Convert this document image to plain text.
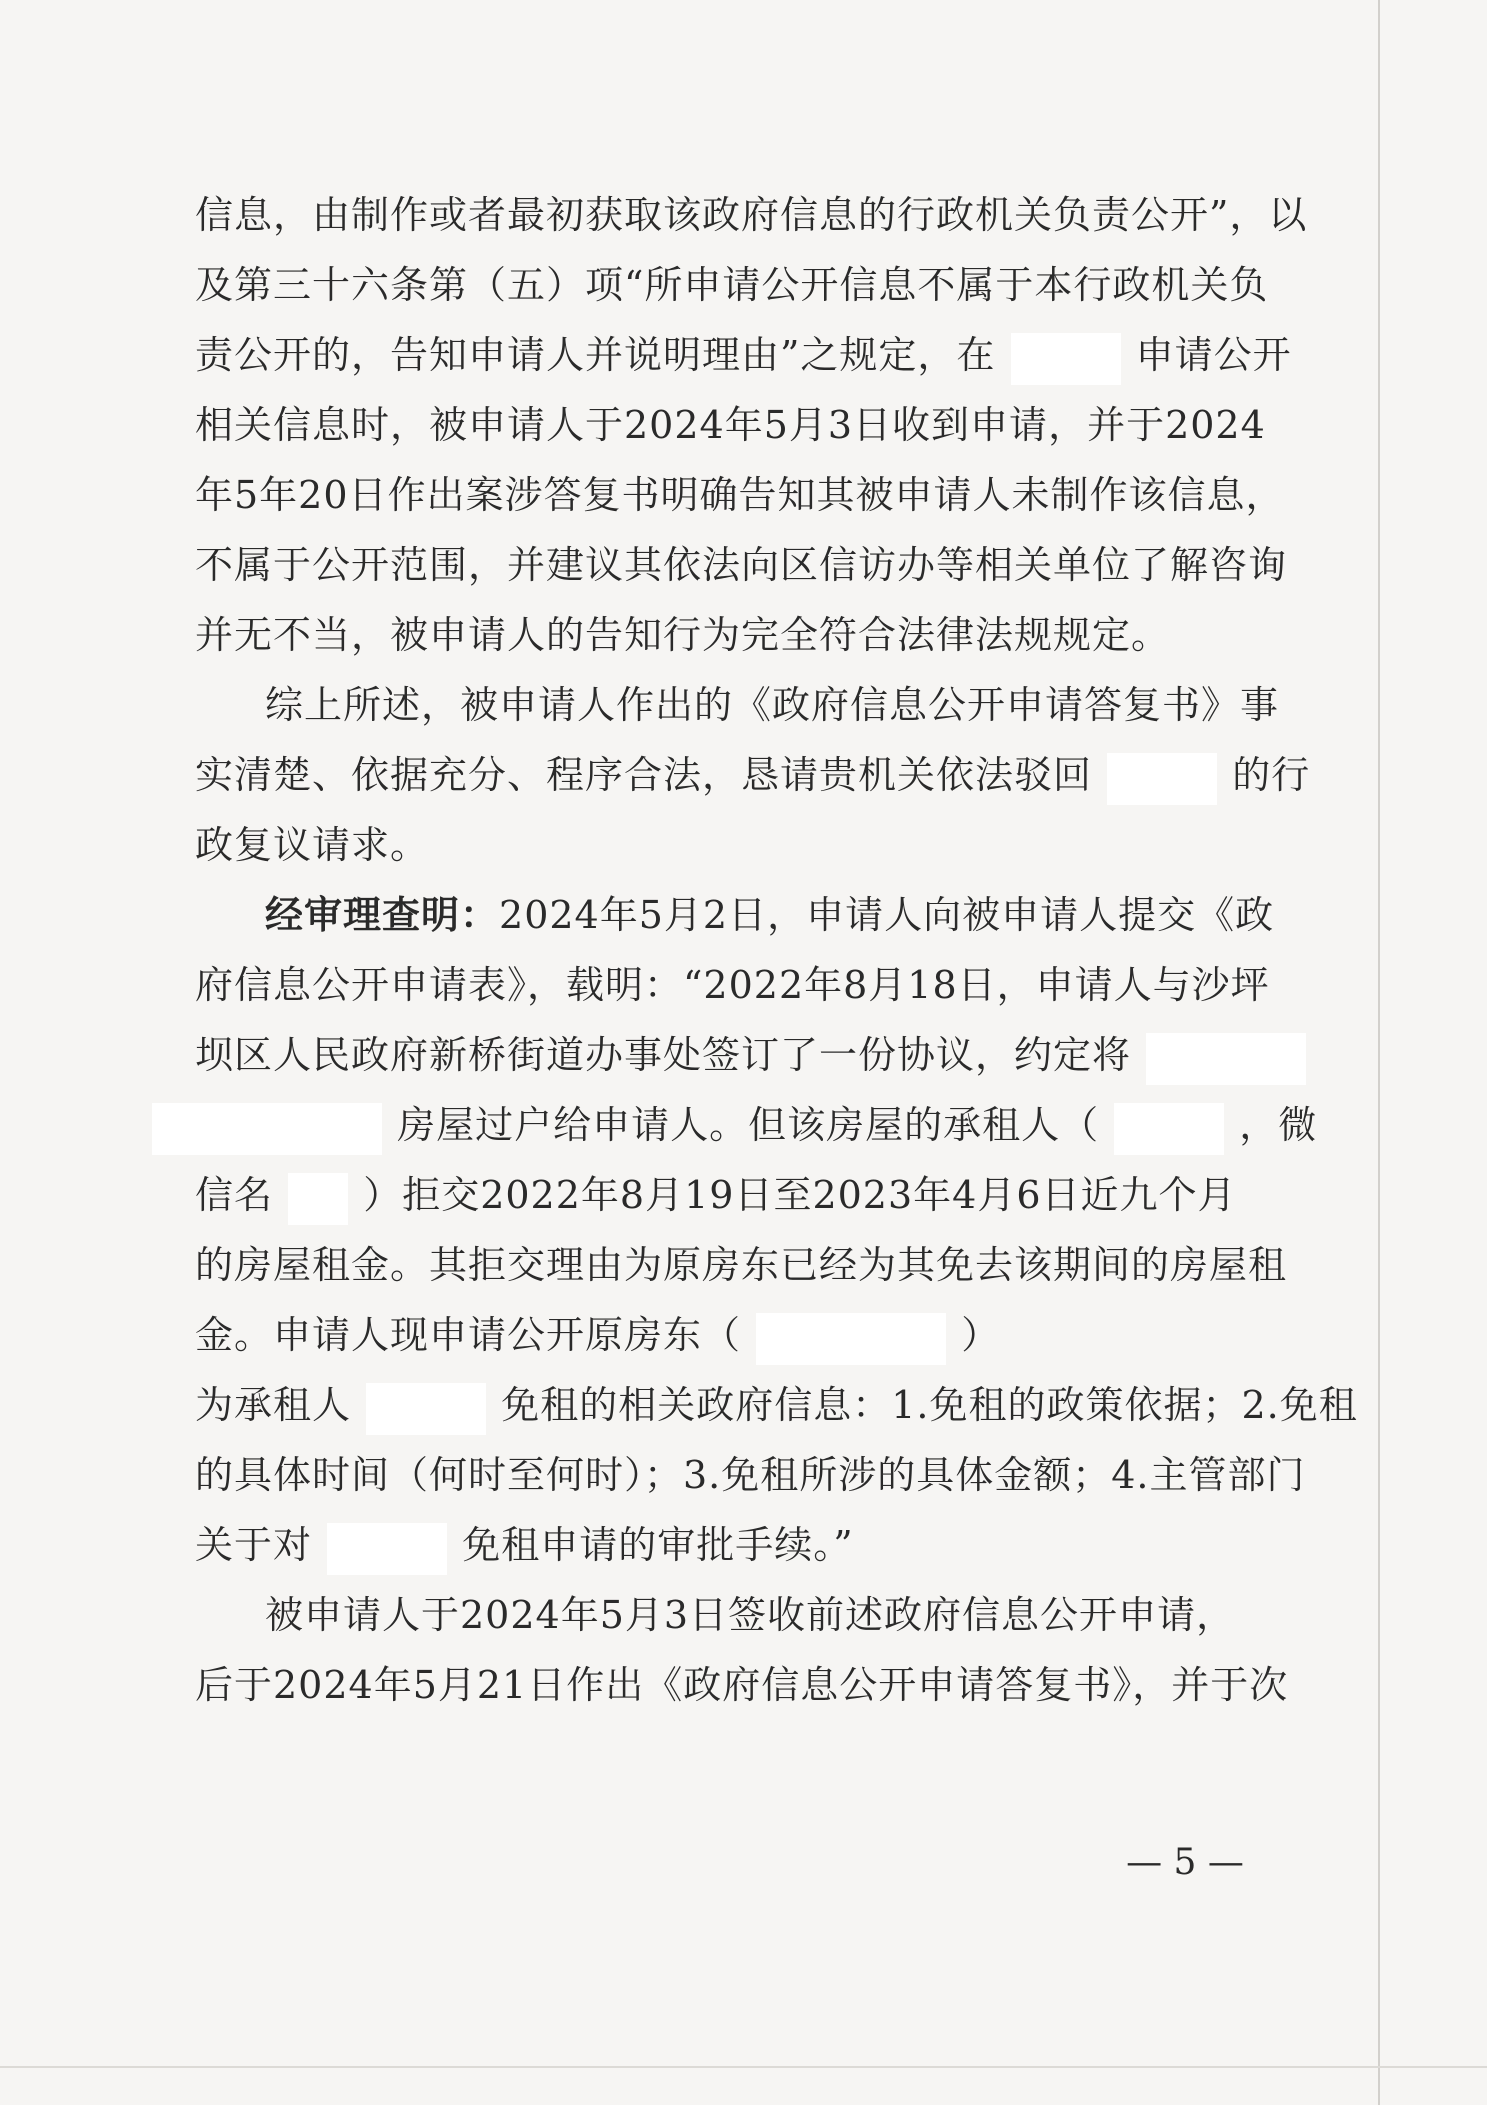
信息，由制作或者最初获取该政府信息的行政机关负责公开”，以
及第三十六条第（五）项“所申请公开信息不属于本行政机关负
责公开的，告知申请人并说明理由”之规定，在	申请公开
相关信息时，被申请人于2024年5月3日收到申请，并于2024
年5年20日作出案涉答复书明确告知其被申请人未制作该信息，
不属于公开范围，并建议其依法向区信访办等相关单位了解咨询
并无不当，被申请人的告知行为完全符合法律法规规定。
综上所述，被申请人作出的《政府信息公开申请答复书》事
实清楚、依据充分、程序合法，恳请贵机关依法驳回	的行
政复议请求。
经审理查明：2024年5月2日，申请人向被申请人提交《政
府信息公开申请表》，载明：“2022年8月18日，申请人与沙坪
坝区人民政府新桥街道办事处签订了一份协议，约定将
房屋过户给申请人。但该房屋的承租人（	，微
信名 ）拒交2022年8月19日至2023年4月6日近九个月
的房屋租金。其拒交理由为原房东已经为其免去该期间的房屋租
金。申请人现申请公开原房东（	）
为承租人	免租的相关政府信息：1.免租的政策依据；2.免租
的具体时间（何时至何时）；3.免租所涉的具体金额；4.主管部门
关于对	免租申请的审批手续。”
被申请人于2024年5月3日签收前述政府信息公开申请，
后于2024年5月21日作出《政府信息公开申请答复书》，并于次
— 5 —
